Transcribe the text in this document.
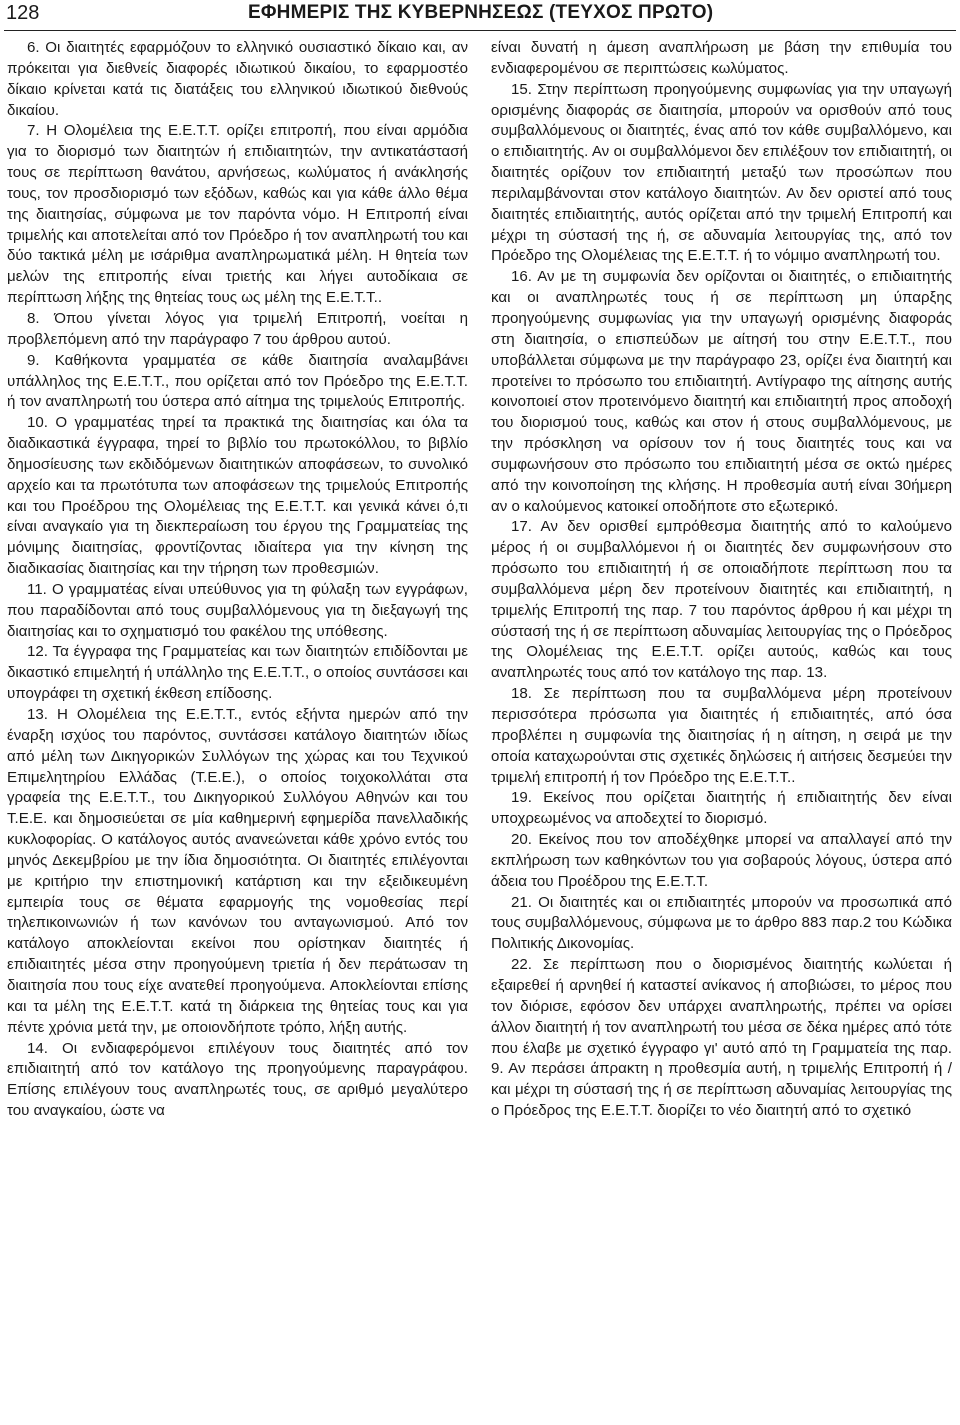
128	ΕΦΗΜΕΡΙΣ ΤΗΣ ΚΥΒΕΡΝΗΣΕΩΣ (ΤΕΥΧΟΣ ΠΡΩΤΟ)

6. Οι διαιτητές εφαρμόζουν το ελληνικό ουσιαστικό δίκαιο και, αν πρόκειται για διεθνείς διαφορές ιδιωτικού δικαίου, το εφαρμοστέο δίκαιο κρίνεται κατά τις διατάξεις του ελληνικού ιδιωτικού διεθνούς δικαίου.

7. Η Ολομέλεια της Ε.Ε.Τ.Τ. ορίζει επιτροπή, που είναι αρμόδια για το διορισμό των διαιτητών ή επιδιαιτητών, την αντικατάστασή τους σε περίπτωση θανάτου, αρνήσεως, κωλύματος ή ανάκλησής τους, τον προσδιορισμό των εξόδων, καθώς και για κάθε άλλο θέμα της διαιτησίας, σύμφωνα με τον παρόντα νόμο. Η Επιτροπή είναι τριμελής και αποτελείται από τον Πρόεδρο ή τον αναπληρωτή του και δύο τακτικά μέλη με ισάριθμα αναπληρωματικά μέλη. Η θητεία των μελών της επιτροπής είναι τριετής και λήγει αυτοδίκαια σε περίπτωση λήξης της θητείας τους ως μέλη της Ε.Ε.Τ.Τ..

8. Όπου γίνεται λόγος για τριμελή Επιτροπή, νοείται η προβλεπόμενη από την παράγραφο 7 του άρθρου αυτού.

9. Καθήκοντα γραμματέα σε κάθε διαιτησία αναλαμβάνει υπάλληλος της Ε.Ε.Τ.Τ., που ορίζεται από τον Πρόεδρο της Ε.Ε.Τ.Τ. ή τον αναπληρωτή του ύστερα από αίτημα της τριμελούς Επιτροπής.

10. Ο γραμματέας τηρεί τα πρακτικά της διαιτησίας και όλα τα διαδικαστικά έγγραφα, τηρεί το βιβλίο του πρωτοκόλλου, το βιβλίο δημοσίευσης των εκδιδόμενων διαιτητικών αποφάσεων, το συνολικό αρχείο και τα πρωτότυπα των αποφάσεων της τριμελούς Επιτροπής και του Προέδρου της Ολομέλειας της Ε.Ε.Τ.Τ. και γενικά κάνει ό,τι είναι αναγκαίο για τη διεκπεραίωση του έργου της Γραμματείας της μόνιμης διαιτησίας, φροντίζοντας ιδιαίτερα για την κίνηση της διαδικασίας διαιτησίας και την τήρηση των προθεσμιών.

11. Ο γραμματέας είναι υπεύθυνος για τη φύλαξη των εγγράφων, που παραδίδονται από τους συμβαλλόμενους για τη διεξαγωγή της διαιτησίας και το σχηματισμό του φακέλου της υπόθεσης.

12. Τα έγγραφα της Γραμματείας και των διαιτητών επιδίδονται με δικαστικό επιμελητή ή υπάλληλο της Ε.Ε.Τ.Τ., ο οποίος συντάσσει και υπογράφει τη σχετική έκθεση επίδοσης.

13. Η Ολομέλεια της Ε.Ε.Τ.Τ., εντός εξήντα ημερών από την έναρξη ισχύος του παρόντος, συντάσσει κατάλογο διαιτητών ιδίως από μέλη των Δικηγορικών Συλλόγων της χώρας και του Τεχνικού Επιμελητηρίου Ελλάδας (Τ.Ε.Ε.), ο οποίος τοιχοκολλάται στα γραφεία της Ε.Ε.Τ.Τ., του Δικηγορικού Συλλόγου Αθηνών και του Τ.Ε.Ε. και δημοσιεύεται σε μία καθημερινή εφημερίδα πανελλαδικής κυκλοφορίας. Ο κατάλογος αυτός ανανεώνεται κάθε χρόνο εντός του μηνός Δεκεμβρίου με την ίδια δημοσιότητα. Οι διαιτητές επιλέγονται με κριτήριο την επιστημονική κατάρτιση και την εξειδικευμένη εμπειρία τους σε θέματα εφαρμογής της νομοθεσίας περί τηλεπικοινωνιών ή των κανόνων του ανταγωνισμού. Από τον κατάλογο αποκλείονται εκείνοι που ορίστηκαν διαιτητές ή επιδιαιτητές μέσα στην προηγούμενη τριετία ή δεν περάτωσαν τη διαιτησία που τους είχε ανατεθεί προηγούμενα. Αποκλείονται επίσης και τα μέλη της Ε.Ε.Τ.Τ. κατά τη διάρκεια της θητείας τους και για πέντε χρόνια μετά την, με οποιονδήποτε τρόπο, λήξη αυτής.

14. Οι ενδιαφερόμενοι επιλέγουν τους διαιτητές από τον επιδιαιτητή από τον κατάλογο της προηγούμενης παραγράφου. Επίσης επιλέγουν τους αναπληρωτές τους, σε αριθμό μεγαλύτερο του αναγκαίου, ώστε να

είναι δυνατή η άμεση αναπλήρωση με βάση την επιθυμία του ενδιαφερομένου σε περιπτώσεις κωλύματος.

15. Στην περίπτωση προηγούμενης συμφωνίας για την υπαγωγή ορισμένης διαφοράς σε διαιτησία, μπορούν να ορισθούν από τους συμβαλλόμενους οι διαιτητές, ένας από τον κάθε συμβαλλόμενο, και ο επιδιαιτητής. Αν οι συμβαλλόμενοι δεν επιλέξουν τον επιδιαιτητή, οι διαιτητές ορίζουν τον επιδιαιτητή μεταξύ των προσώπων που περιλαμβάνονται στον κατάλογο διαιτητών. Αν δεν οριστεί από τους διαιτητές επιδιαιτητής, αυτός ορίζεται από την τριμελή Επιτροπή και μέχρι τη σύστασή της ή, σε αδυναμία λειτουργίας της, από τον Πρόεδρο της Ολομέλειας της Ε.Ε.Τ.Τ. ή το νόμιμο αναπληρωτή του.

16. Αν με τη συμφωνία δεν ορίζονται οι διαιτητές, ο επιδιαιτητής και οι αναπληρωτές τους ή σε περίπτωση μη ύπαρξης προηγούμενης συμφωνίας για την υπαγωγή ορισμένης διαφοράς στη διαιτησία, ο επισπεύδων με αίτησή του στην Ε.Ε.Τ.Τ., που υποβάλλεται σύμφωνα με την παράγραφο 23, ορίζει ένα διαιτητή και προτείνει το πρόσωπο του επιδιαιτητή. Αντίγραφο της αίτησης αυτής κοινοποιεί στον προτεινόμενο διαιτητή και επιδιαιτητή προς αποδοχή του διορισμού τους, καθώς και στον ή στους συμβαλλόμενους, με την πρόσκληση να ορίσουν τον ή τους διαιτητές τους και να συμφωνήσουν στο πρόσωπο του επιδιαιτητή μέσα σε οκτώ ημέρες από την κοινοποίηση της κλήσης. Η προθεσμία αυτή είναι 30ήμερη αν ο καλούμενος κατοικεί οποδήποτε στο εξωτερικό.

17. Αν δεν ορισθεί εμπρόθεσμα διαιτητής από το καλούμενο μέρος ή οι συμβαλλόμενοι ή οι διαιτητές δεν συμφωνήσουν στο πρόσωπο του επιδιαιτητή ή σε οποιαδήποτε περίπτωση που τα συμβαλλόμενα μέρη δεν προτείνουν διαιτητές και επιδιαιτητή, η τριμελής Επιτροπή της παρ. 7 του παρόντος άρθρου ή και μέχρι τη σύστασή της ή σε περίπτωση αδυναμίας λειτουργίας της ο Πρόεδρος της Ολομέλειας της Ε.Ε.Τ.Τ. ορίζει αυτούς, καθώς και τους αναπληρωτές τους από τον κατάλογο της παρ. 13.

18. Σε περίπτωση που τα συμβαλλόμενα μέρη προτείνουν περισσότερα πρόσωπα για διαιτητές ή επιδιαιτητές, από όσα προβλέπει η συμφωνία της διαιτησίας ή η αίτηση, η σειρά με την οποία καταχωρούνται στις σχετικές δηλώσεις ή αιτήσεις δεσμεύει την τριμελή επιτροπή ή τον Πρόεδρο της Ε.Ε.Τ.Τ..

19. Εκείνος που ορίζεται διαιτητής ή επιδιαιτητής δεν είναι υποχρεωμένος να αποδεχτεί το διορισμό.

20. Εκείνος που τον αποδέχθηκε μπορεί να απαλλαγεί από την εκπλήρωση των καθηκόντων του για σοβαρούς λόγους, ύστερα από άδεια του Προέδρου της Ε.Ε.Τ.Τ.

21. Οι διαιτητές και οι επιδιαιτητές μπορούν να προσωπικά από τους συμβαλλόμενους, σύμφωνα με το άρθρο 883 παρ.2 του Κώδικα Πολιτικής Δικονομίας.

22. Σε περίπτωση που ο διορισμένος διαιτητής κωλύεται ή εξαιρεθεί ή αρνηθεί ή καταστεί ανίκανος ή αποβιώσει, το μέρος που τον διόρισε, εφόσον δεν υπάρχει αναπληρωτής, πρέπει να ορίσει άλλον διαιτητή ή τον αναπληρωτή του μέσα σε δέκα ημέρες από τότε που έλαβε με σχετικό έγγραφο γι' αυτό από τη Γραμματεία της παρ. 9. Αν περάσει άπρακτη η προθεσμία αυτή, η τριμελής Επιτροπή ή / και μέχρι τη σύστασή της ή σε περίπτωση αδυναμίας λειτουργίας της ο Πρόεδρος της Ε.Ε.Τ.Τ. διορίζει το νέο διαιτητή από το σχετικό
